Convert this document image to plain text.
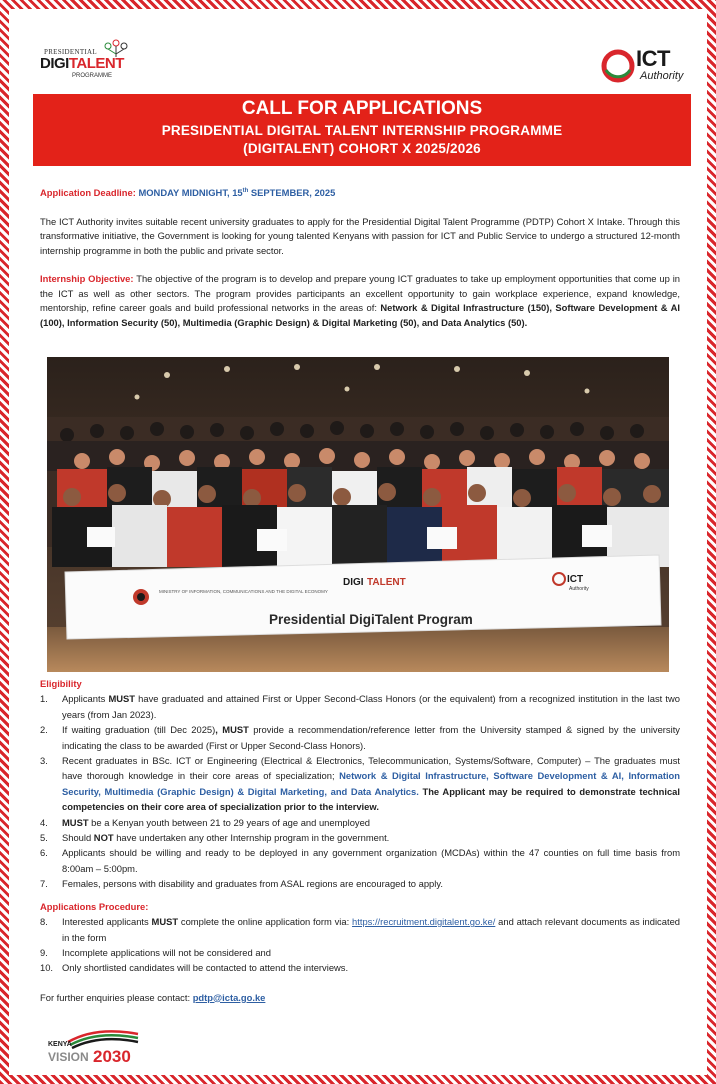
PRESIDENTIAL
DIGITALENT
PROGRAMME
ICT
Authority
CALL FOR APPLICATIONS
PRESIDENTIAL DIGITAL TALENT INTERNSHIP PROGRAMME
(DIGITALENT) COHORT X 2025/2026
Application Deadline: MONDAY MIDNIGHT, 15th SEPTEMBER, 2025

The ICT Authority invites suitable recent university graduates to apply for the Presidential Digital Talent Programme (PDTP) Cohort X Intake. Through this transformative initiative, the Government is looking for young talented Kenyans with passion for ICT and Public Service to undergo a structured 12-month internship programme in both the public and private sector.

Internship Objective: The objective of the program is to develop and prepare young ICT graduates to take up employment opportunities that come up in the ICT as well as other sectors. The program provides participants an excellent opportunity to gain workplace experience, expand knowledge, mentorship, refine career goals and build professional networks in the areas of: Network & Digital Infrastructure (150), Software Development & AI (100), Information Security (50), Multimedia (Graphic Design) & Digital Marketing (50), and Data Analytics (50).

MINISTRY OF INFORMATION, COMMUNICATIONS AND THE DIGITAL ECONOMY
DIGI TALENT	ICT
Authority
Presidential DigiTalent Program
Eligibility
1.	Applicants MUST have graduated and attained First or Upper Second-Class Honors (or the equivalent) from a recognized institution in the last two years (from Jan 2023).
2.	If waiting graduation (till Dec 2025), MUST provide a recommendation/reference letter from the University stamped & signed by the university indicating the class to be awarded (First or Upper Second-Class Honors).
3.	Recent graduates in BSc. ICT or Engineering (Electrical & Electronics, Telecommunication, Systems/Software, Computer) – The graduates must have thorough knowledge in their core areas of specialization; Network & Digital Infrastructure, Software Development & AI, Information Security, Multimedia (Graphic Design) & Digital Marketing, and Data Analytics. The Applicant may be required to demonstrate technical competencies on their core area of specialization prior to the interview.
4.	MUST be a Kenyan youth between 21 to 29 years of age and unemployed
5.	Should NOT have undertaken any other Internship program in the government.
6.	Applicants should be willing and ready to be deployed in any government organization (MCDAs) within the 47 counties on full time basis from 8:00am – 5:00pm.
7.	Females, persons with disability and graduates from ASAL regions are encouraged to apply.
Applications Procedure:
8.	Interested applicants MUST complete the online application form via: https://recruitment.digitalent.go.ke/ and attach relevant documents as indicated in the form
9.	Incomplete applications will not be considered and
10. Only shortlisted candidates will be contacted to attend the interviews.
For further enquiries please contact: pdtp@icta.go.ke
KENYA
VISION 2030
